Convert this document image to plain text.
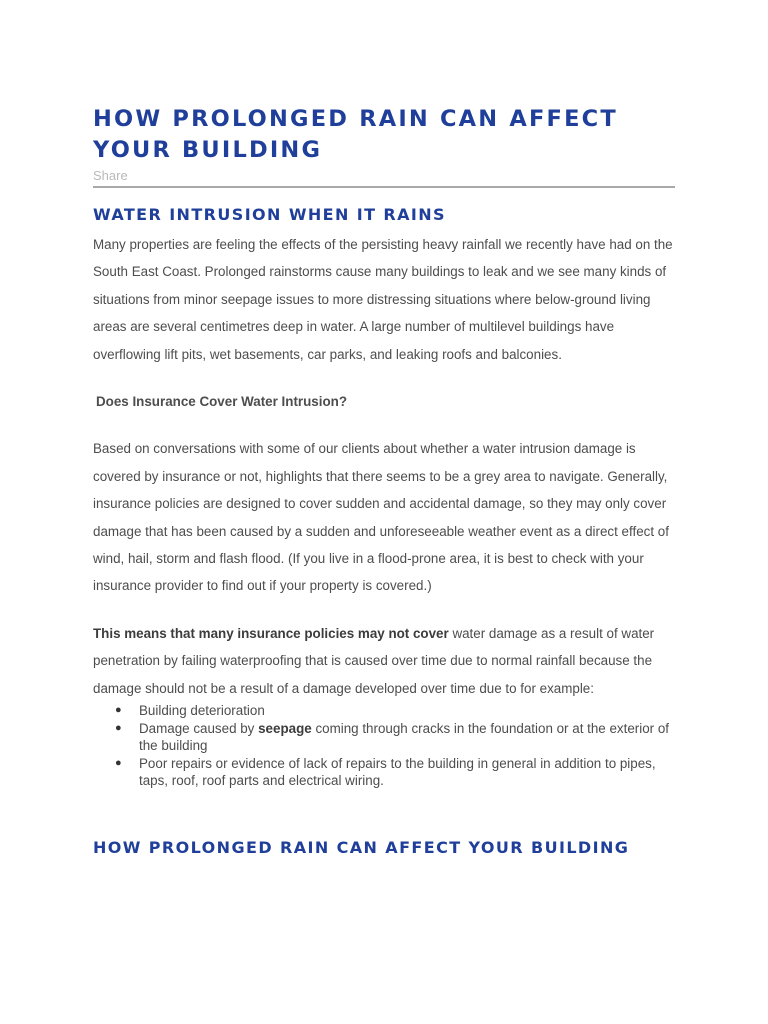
HOW PROLONGED RAIN CAN AFFECT YOUR BUILDING
Share
WATER INTRUSION WHEN IT RAINS

Many properties are feeling the effects of the persisting heavy rainfall we recently have had on the South East Coast. Prolonged rainstorms cause many buildings to leak and we see many kinds of situations from minor seepage issues to more distressing situations where below-ground living areas are several centimetres deep in water. A large number of multilevel buildings have overflowing lift pits, wet basements, car parks, and leaking roofs and balconies.

Does Insurance Cover Water Intrusion?

Based on conversations with some of our clients about whether a water intrusion damage is covered by insurance or not, highlights that there seems to be a grey area to navigate. Generally, insurance policies are designed to cover sudden and accidental damage, so they may only cover damage that has been caused by a sudden and unforeseeable weather event as a direct effect of wind, hail, storm and flash flood. (If you live in a flood-prone area, it is best to check with your insurance provider to find out if your property is covered.)

This means that many insurance policies may not cover water damage as a result of water penetration by failing waterproofing that is caused over time due to normal rainfall because the damage should not be a result of a damage developed over time due to for example:

● Building deterioration
● Damage caused by seepage coming through cracks in the foundation or at the exterior of the building
● Poor repairs or evidence of lack of repairs to the building in general in addition to pipes, taps, roof, roof parts and electrical wiring.
HOW PROLONGED RAIN CAN AFFECT YOUR BUILDING
